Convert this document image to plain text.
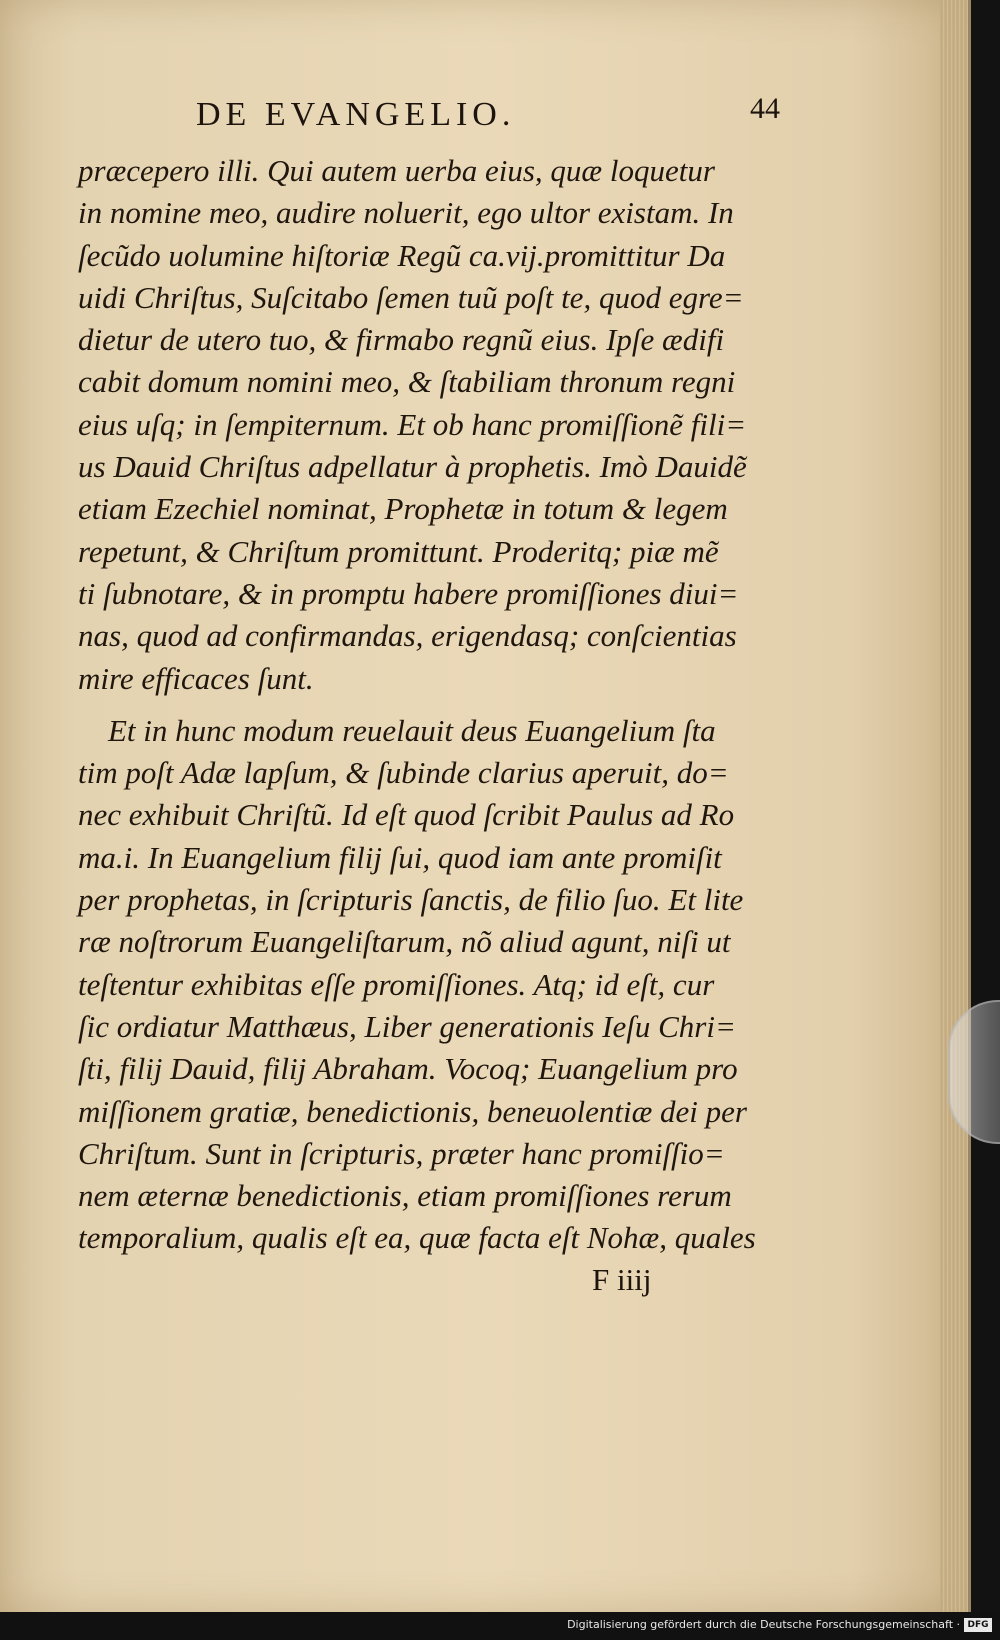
DE EVANGELIO.	44
præcepero illi. Qui autem uerba eius, quæ loquetur
in nomine meo, audire noluerit, ego ultor existam. In
ſecũdo uolumine hiſtoriæ Regũ ca.vij.promittitur Da
uidi Chriſtus, Suſcitabo ſemen tuũ poſt te, quod egre=
dietur de utero tuo, & firmabo regnũ eius. Ipſe ædifi
cabit domum nomini meo, & ſtabiliam thronum regni
eius uſq; in ſempiternum. Et ob hanc promiſſionẽ fili=
us Dauid Chriſtus adpellatur à prophetis. Imò Dauidẽ
etiam Ezechiel nominat, Prophetæ in totum & legem
repetunt, & Chriſtum promittunt. Proderitq; piæ mẽ
ti ſubnotare, & in promptu habere promiſſiones diui=
nas, quod ad confirmandas, erigendasq; conſcientias
mire efficaces ſunt.
Et in hunc modum reuelauit deus Euangelium ſta
tim poſt Adæ lapſum, & ſubinde clarius aperuit, do=
nec exhibuit Chriſtũ. Id eſt quod ſcribit Paulus ad Ro
ma.i. In Euangelium filij ſui, quod iam ante promiſit
per prophetas, in ſcripturis ſanctis, de filio ſuo. Et lite
ræ noſtrorum Euangeliſtarum, nõ aliud agunt, niſi ut
teſtentur exhibitas eſſe promiſſiones. Atq; id eſt, cur
ſic ordiatur Matthæus, Liber generationis Ieſu Chri=
ſti, filij Dauid, filij Abraham. Vocoq; Euangelium pro
miſſionem gratiæ, benedictionis, beneuolentiæ dei per
Chriſtum. Sunt in ſcripturis, præter hanc promiſſio=
nem æternæ benedictionis, etiam promiſſiones rerum
temporalium, qualis eſt ea, quæ facta eſt Nohæ, quales
F iiij
Digitalisierung gefördert durch die Deutsche Forschungsgemeinschaft · DFG
